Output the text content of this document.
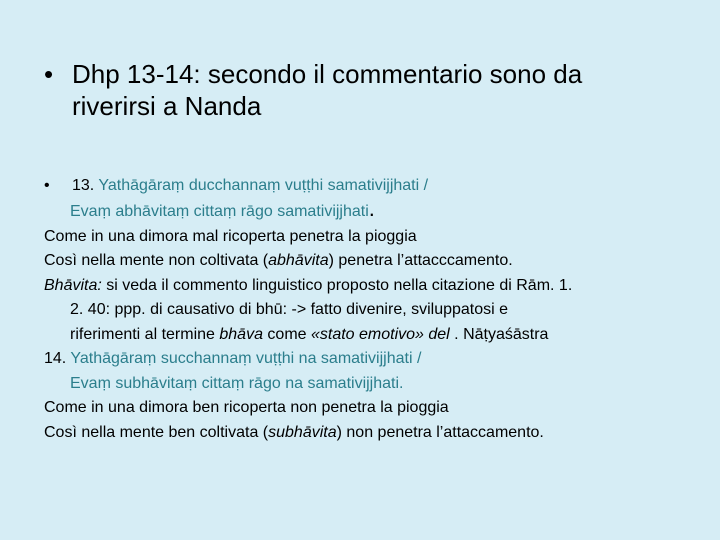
• Dhp 13-14: secondo il commentario sono da
riverirsi a Nanda
• 13. Yathāgāraṃ ducchannaṃ vuṭṭhi samativijjhati /
Evaṃ abhāvitaṃ cittaṃ rāgo samativijjhati.
Come in una dimora mal ricoperta penetra la pioggia
Così nella mente non coltivata (abhāvita) penetra l’attacccamento.
Bhāvita: si veda il commento linguistico proposto nella citazione di Rām. 1.
2. 40: ppp. di causativo di bhū: -> fatto divenire, sviluppatosi e
riferimenti al termine bhāva come «stato emotivo» del . Nāṭyaśāstra
14. Yathāgāraṃ succhannaṃ vuṭṭhi na samativijjhati /
Evaṃ subhāvitaṃ cittaṃ rāgo na samativijjhati.
Come in una dimora ben ricoperta non penetra la pioggia
Così nella mente ben coltivata (subhāvita) non penetra l’attaccamento.
